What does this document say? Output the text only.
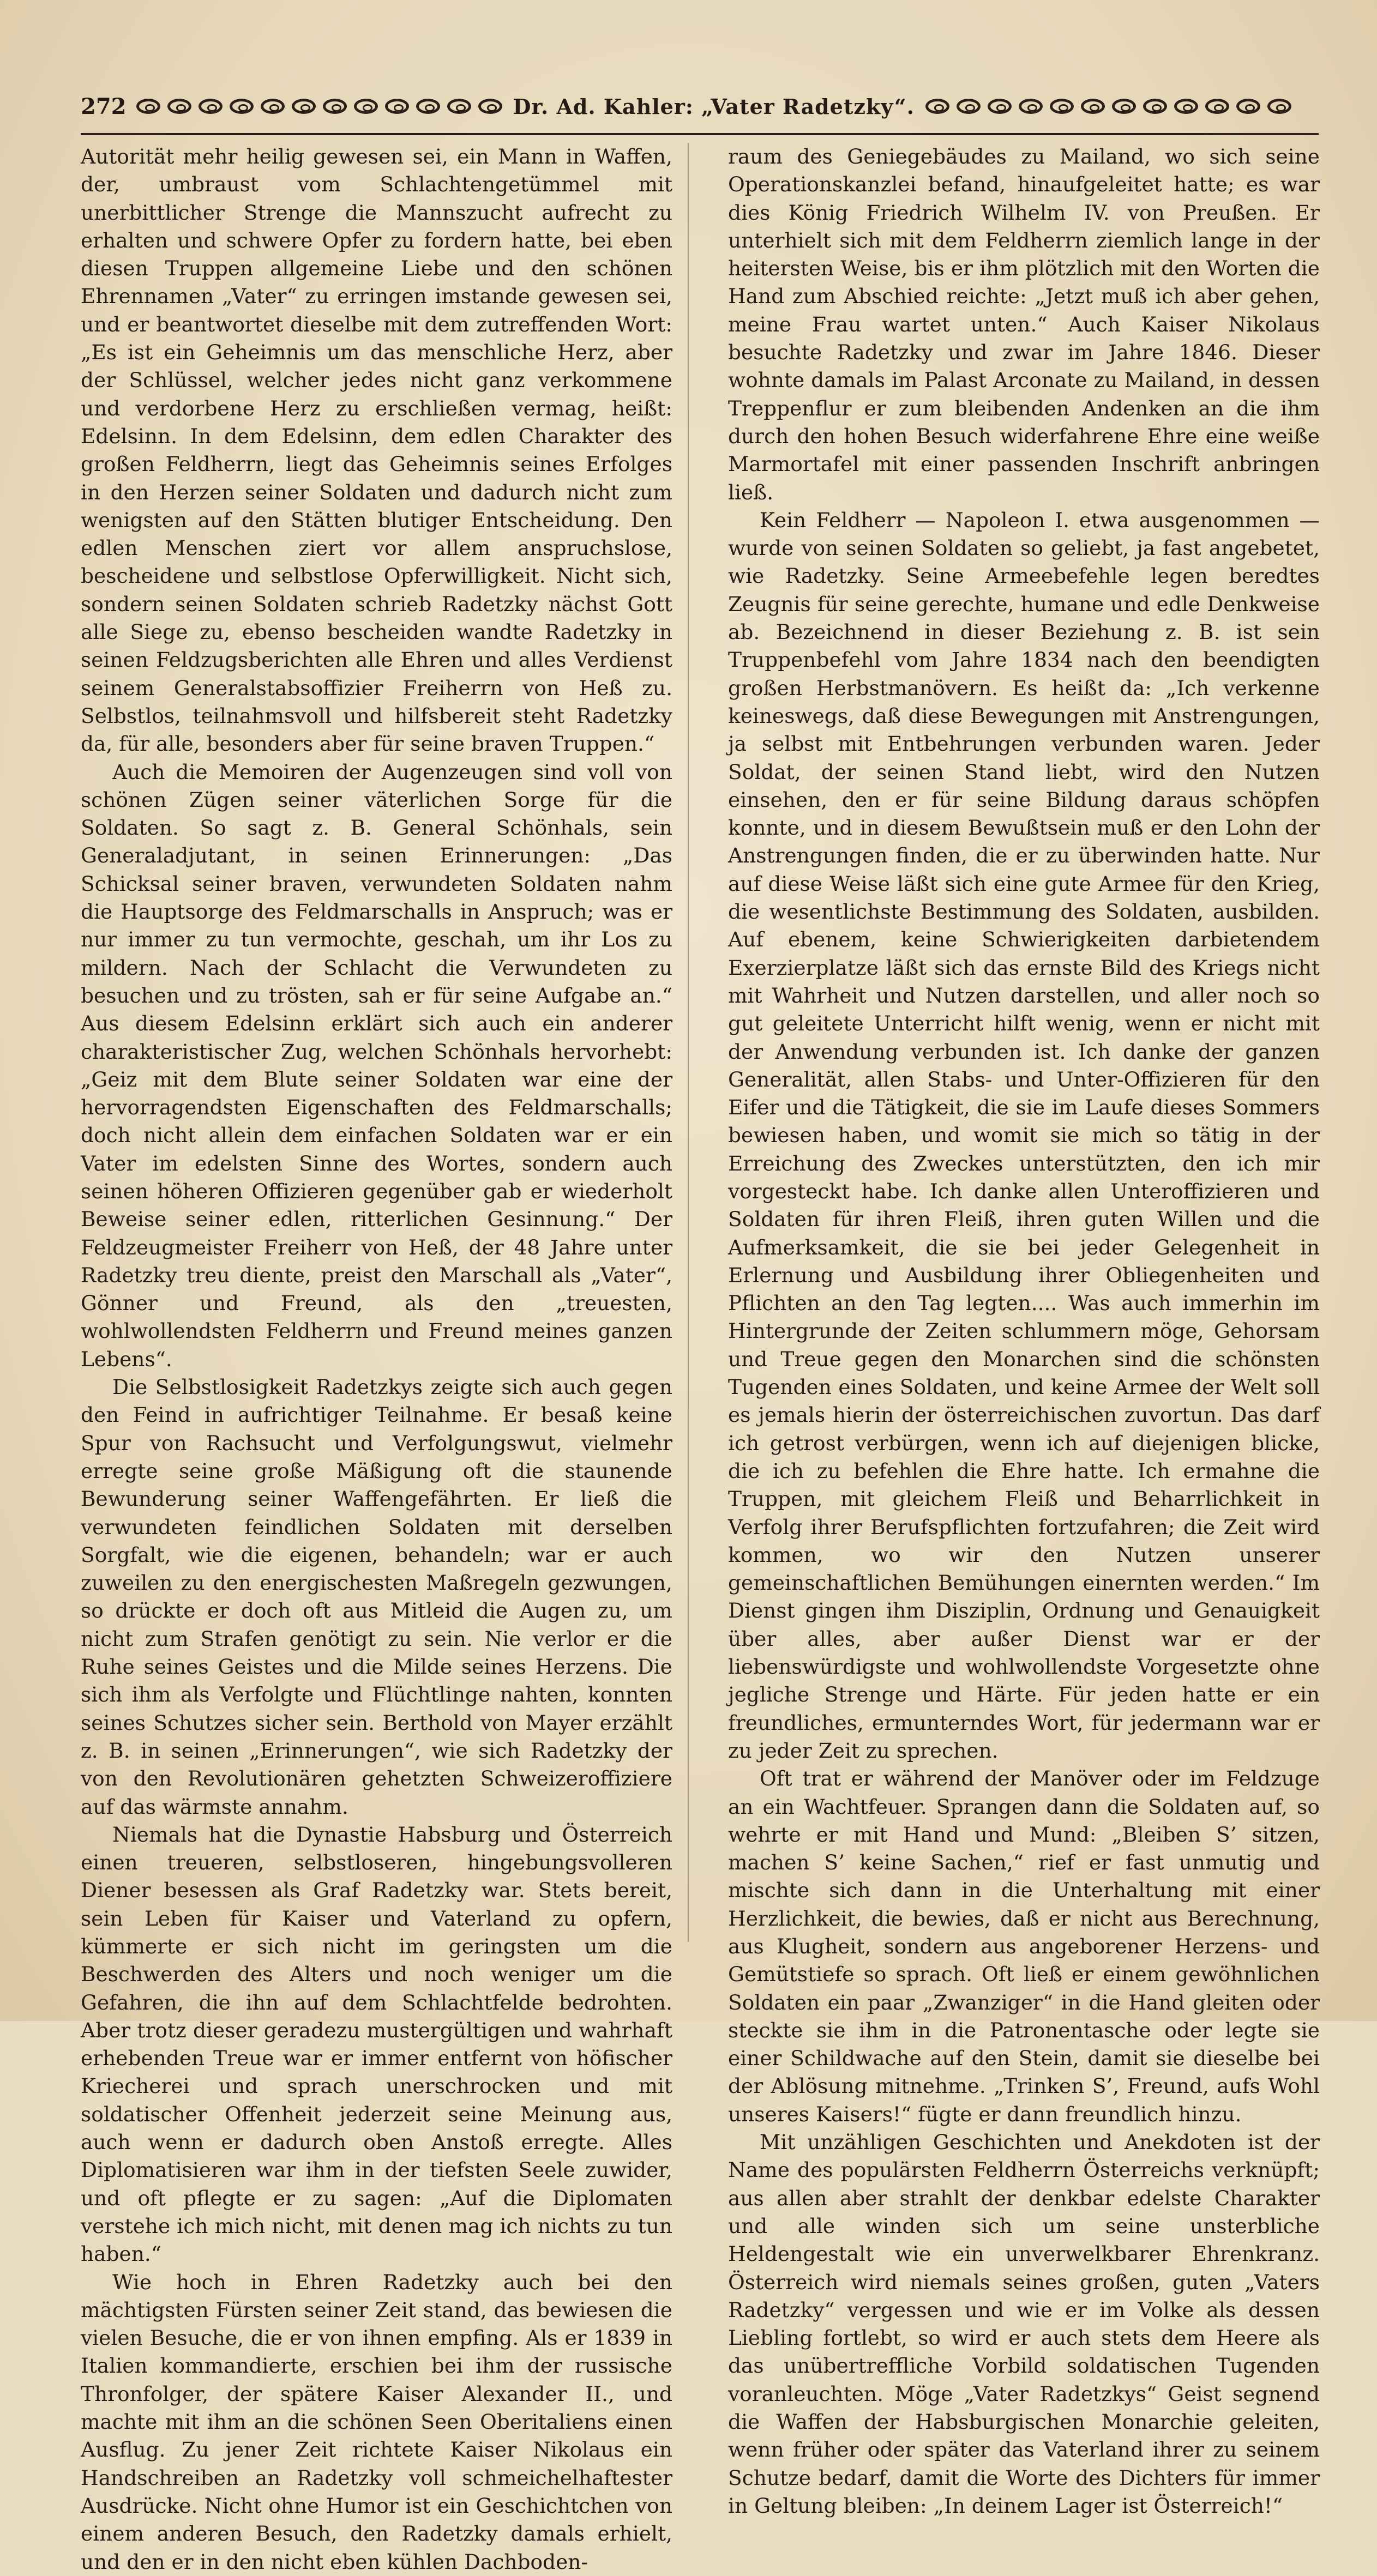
272	Dr. Ad. Kahler: „Vater Radetzky“.

Autorität mehr heilig gewesen sei, ein Mann in Waffen, der, umbraust vom Schlachtengetümmel mit unerbittlicher Strenge die Mannszucht aufrecht zu erhalten und schwere Opfer zu fordern hatte, bei eben diesen Truppen allgemeine Liebe und den schönen Ehrennamen „Vater“ zu erringen imstande gewesen sei, und er beantwortet dieselbe mit dem zutreffenden Wort: „Es ist ein Geheimnis um das menschliche Herz, aber der Schlüssel, welcher jedes nicht ganz verkommene und verdorbene Herz zu erschließen vermag, heißt: Edelsinn. In dem Edelsinn, dem edlen Charakter des großen Feldherrn, liegt das Geheimnis seines Erfolges in den Herzen seiner Soldaten und dadurch nicht zum wenigsten auf den Stätten blutiger Entscheidung. Den edlen Menschen ziert vor allem anspruchslose, bescheidene und selbstlose Opferwilligkeit. Nicht sich, sondern seinen Soldaten schrieb Radetzky nächst Gott alle Siege zu, ebenso bescheiden wandte Radetzky in seinen Feldzugsberichten alle Ehren und alles Verdienst seinem Generalstabsoffizier Freiherrn von Heß zu. Selbstlos, teilnahmsvoll und hilfsbereit steht Radetzky da, für alle, besonders aber für seine braven Truppen.“

Auch die Memoiren der Augenzeugen sind voll von schönen Zügen seiner väterlichen Sorge für die Soldaten. So sagt z. B. General Schönhals, sein Generaladjutant, in seinen Erinnerungen: „Das Schicksal seiner braven, verwundeten Soldaten nahm die Hauptsorge des Feldmarschalls in Anspruch; was er nur immer zu tun vermochte, geschah, um ihr Los zu mildern. Nach der Schlacht die Verwundeten zu besuchen und zu trösten, sah er für seine Aufgabe an.“ Aus diesem Edelsinn erklärt sich auch ein anderer charakteristischer Zug, welchen Schönhals hervorhebt: „Geiz mit dem Blute seiner Soldaten war eine der hervorragendsten Eigenschaften des Feldmarschalls; doch nicht allein dem einfachen Soldaten war er ein Vater im edelsten Sinne des Wortes, sondern auch seinen höheren Offizieren gegenüber gab er wiederholt Beweise seiner edlen, ritterlichen Gesinnung.“ Der Feldzeugmeister Freiherr von Heß, der 48 Jahre unter Radetzky treu diente, preist den Marschall als „Vater“, Gönner und Freund, als den „treuesten, wohlwollendsten Feldherrn und Freund meines ganzen Lebens“.

Die Selbstlosigkeit Radetzkys zeigte sich auch gegen den Feind in aufrichtiger Teilnahme. Er besaß keine Spur von Rachsucht und Verfolgungswut, vielmehr erregte seine große Mäßigung oft die staunende Bewunderung seiner Waffengefährten. Er ließ die verwundeten feindlichen Soldaten mit derselben Sorgfalt, wie die eigenen, behandeln; war er auch zuweilen zu den energischesten Maßregeln gezwungen, so drückte er doch oft aus Mitleid die Augen zu, um nicht zum Strafen genötigt zu sein. Nie verlor er die Ruhe seines Geistes und die Milde seines Herzens. Die sich ihm als Verfolgte und Flüchtlinge nahten, konnten seines Schutzes sicher sein. Berthold von Mayer erzählt z. B. in seinen „Erinnerungen“, wie sich Radetzky der von den Revolutionären gehetzten Schweizeroffiziere auf das wärmste annahm.

Niemals hat die Dynastie Habsburg und Österreich einen treueren, selbstloseren, hingebungsvolleren Diener besessen als Graf Radetzky war. Stets bereit, sein Leben für Kaiser und Vaterland zu opfern, kümmerte er sich nicht im geringsten um die Beschwerden des Alters und noch weniger um die Gefahren, die ihn auf dem Schlachtfelde bedrohten. Aber trotz dieser geradezu mustergültigen und wahrhaft erhebenden Treue war er immer entfernt von höfischer Kriecherei und sprach unerschrocken und mit soldatischer Offenheit jederzeit seine Meinung aus, auch wenn er dadurch oben Anstoß erregte. Alles Diplomatisieren war ihm in der tiefsten Seele zuwider, und oft pflegte er zu sagen: „Auf die Diplomaten verstehe ich mich nicht, mit denen mag ich nichts zu tun haben.“

Wie hoch in Ehren Radetzky auch bei den mächtigsten Fürsten seiner Zeit stand, das bewiesen die vielen Besuche, die er von ihnen empfing. Als er 1839 in Italien kommandierte, erschien bei ihm der russische Thronfolger, der spätere Kaiser Alexander II., und machte mit ihm an die schönen Seen Oberitaliens einen Ausflug. Zu jener Zeit richtete Kaiser Nikolaus ein Handschreiben an Radetzky voll schmeichelhaftester Ausdrücke. Nicht ohne Humor ist ein Geschichtchen von einem anderen Besuch, den Radetzky damals erhielt, und den er in den nicht eben kühlen Dachboden-

raum des Geniegebäudes zu Mailand, wo sich seine Operationskanzlei befand, hinaufgeleitet hatte; es war dies König Friedrich Wilhelm IV. von Preußen. Er unterhielt sich mit dem Feldherrn ziemlich lange in der heitersten Weise, bis er ihm plötzlich mit den Worten die Hand zum Abschied reichte: „Jetzt muß ich aber gehen, meine Frau wartet unten.“ Auch Kaiser Nikolaus besuchte Radetzky und zwar im Jahre 1846. Dieser wohnte damals im Palast Arconate zu Mailand, in dessen Treppenflur er zum bleibenden Andenken an die ihm durch den hohen Besuch widerfahrene Ehre eine weiße Marmortafel mit einer passenden Inschrift anbringen ließ.

Kein Feldherr — Napoleon I. etwa ausgenommen — wurde von seinen Soldaten so geliebt, ja fast angebetet, wie Radetzky. Seine Armeebefehle legen beredtes Zeugnis für seine gerechte, humane und edle Denkweise ab. Bezeichnend in dieser Beziehung z. B. ist sein Truppenbefehl vom Jahre 1834 nach den beendigten großen Herbstmanövern. Es heißt da: „Ich verkenne keineswegs, daß diese Bewegungen mit Anstrengungen, ja selbst mit Entbehrungen verbunden waren. Jeder Soldat, der seinen Stand liebt, wird den Nutzen einsehen, den er für seine Bildung daraus schöpfen konnte, und in diesem Bewußtsein muß er den Lohn der Anstrengungen finden, die er zu überwinden hatte. Nur auf diese Weise läßt sich eine gute Armee für den Krieg, die wesentlichste Bestimmung des Soldaten, ausbilden. Auf ebenem, keine Schwierigkeiten darbietendem Exerzierplatze läßt sich das ernste Bild des Kriegs nicht mit Wahrheit und Nutzen darstellen, und aller noch so gut geleitete Unterricht hilft wenig, wenn er nicht mit der Anwendung verbunden ist. Ich danke der ganzen Generalität, allen Stabs- und Unter-Offizieren für den Eifer und die Tätigkeit, die sie im Laufe dieses Sommers bewiesen haben, und womit sie mich so tätig in der Erreichung des Zweckes unterstützten, den ich mir vorgesteckt habe. Ich danke allen Unteroffizieren und Soldaten für ihren Fleiß, ihren guten Willen und die Aufmerksamkeit, die sie bei jeder Gelegenheit in Erlernung und Ausbildung ihrer Obliegenheiten und Pflichten an den Tag legten.... Was auch immerhin im Hintergrunde der Zeiten schlummern möge, Gehorsam und Treue gegen den Monarchen sind die schönsten Tugenden eines Soldaten, und keine Armee der Welt soll es jemals hierin der österreichischen zuvortun. Das darf ich getrost verbürgen, wenn ich auf diejenigen blicke, die ich zu befehlen die Ehre hatte. Ich ermahne die Truppen, mit gleichem Fleiß und Beharrlichkeit in Verfolg ihrer Berufspflichten fortzufahren; die Zeit wird kommen, wo wir den Nutzen unserer gemeinschaftlichen Bemühungen einernten werden.“ Im Dienst gingen ihm Disziplin, Ordnung und Genauigkeit über alles, aber außer Dienst war er der liebenswürdigste und wohlwollendste Vorgesetzte ohne jegliche Strenge und Härte. Für jeden hatte er ein freundliches, ermunterndes Wort, für jedermann war er zu jeder Zeit zu sprechen.

Oft trat er während der Manöver oder im Feldzuge an ein Wachtfeuer. Sprangen dann die Soldaten auf, so wehrte er mit Hand und Mund: „Bleiben S’ sitzen, machen S’ keine Sachen,“ rief er fast unmutig und mischte sich dann in die Unterhaltung mit einer Herzlichkeit, die bewies, daß er nicht aus Berechnung, aus Klugheit, sondern aus angeborener Herzens- und Gemütstiefe so sprach. Oft ließ er einem gewöhnlichen Soldaten ein paar „Zwanziger“ in die Hand gleiten oder steckte sie ihm in die Patronentasche oder legte sie einer Schildwache auf den Stein, damit sie dieselbe bei der Ablösung mitnehme. „Trinken S’, Freund, aufs Wohl unseres Kaisers!“ fügte er dann freundlich hinzu.

Mit unzähligen Geschichten und Anekdoten ist der Name des populärsten Feldherrn Österreichs verknüpft; aus allen aber strahlt der denkbar edelste Charakter und alle winden sich um seine unsterbliche Heldengestalt wie ein unverwelkbarer Ehrenkranz. Österreich wird niemals seines großen, guten „Vaters Radetzky“ vergessen und wie er im Volke als dessen Liebling fortlebt, so wird er auch stets dem Heere als das unübertreffliche Vorbild soldatischen Tugenden voranleuchten. Möge „Vater Radetzkys“ Geist segnend die Waffen der Habsburgischen Monarchie geleiten, wenn früher oder später das Vaterland ihrer zu seinem Schutze bedarf, damit die Worte des Dichters für immer in Geltung bleiben: „In deinem Lager ist Österreich!“
